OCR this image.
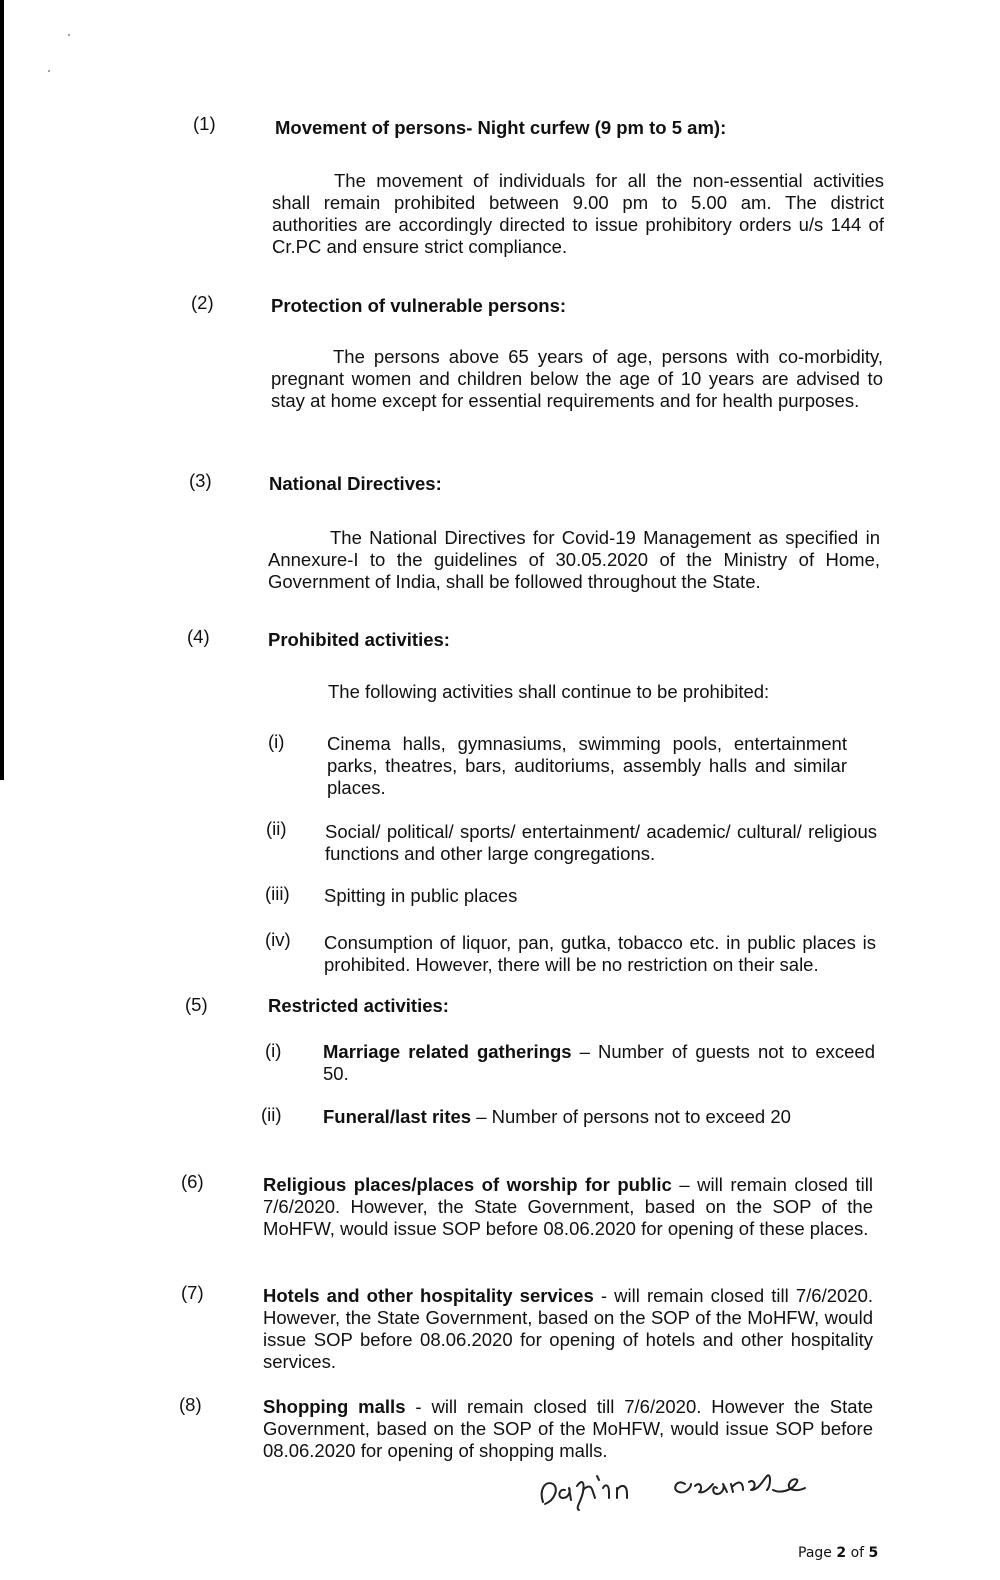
(1)	Movement of persons- Night curfew (9 pm to 5 am):
The movement of individuals for all the non-essential activities shall remain prohibited between 9.00 pm to 5.00 am. The district authorities are accordingly directed to issue prohibitory orders u/s 144 of Cr.PC and ensure strict compliance.
(2)	Protection of vulnerable persons:
The persons above 65 years of age, persons with co-morbidity, pregnant women and children below the age of 10 years are advised to stay at home except for essential requirements and for health purposes.
(3)	National Directives:
The National Directives for Covid-19 Management as specified in Annexure-I to the guidelines of 30.05.2020 of the Ministry of Home, Government of India, shall be followed throughout the State.
(4)	Prohibited activities:
The following activities shall continue to be prohibited:
(i) Cinema halls, gymnasiums, swimming pools, entertainment parks, theatres, bars, auditoriums, assembly halls and similar places.
(ii) Social/ political/ sports/ entertainment/ academic/ cultural/ religious functions and other large congregations.
(iii) Spitting in public places
(iv) Consumption of liquor, pan, gutka, tobacco etc. in public places is prohibited. However, there will be no restriction on their sale.
(5)	Restricted activities:
(i) Marriage related gatherings – Number of guests not to exceed 50.
(ii) Funeral/last rites – Number of persons not to exceed 20
(6)	Religious places/places of worship for public – will remain closed till 7/6/2020. However, the State Government, based on the SOP of the MoHFW, would issue SOP before 08.06.2020 for opening of these places.
(7)	Hotels and other hospitality services - will remain closed till 7/6/2020. However, the State Government, based on the SOP of the MoHFW, would issue SOP before 08.06.2020 for opening of hotels and other hospitality services.
(8)	Shopping malls - will remain closed till 7/6/2020. However the State Government, based on the SOP of the MoHFW, would issue SOP before 08.06.2020 for opening of shopping malls.
Page 2 of 5
